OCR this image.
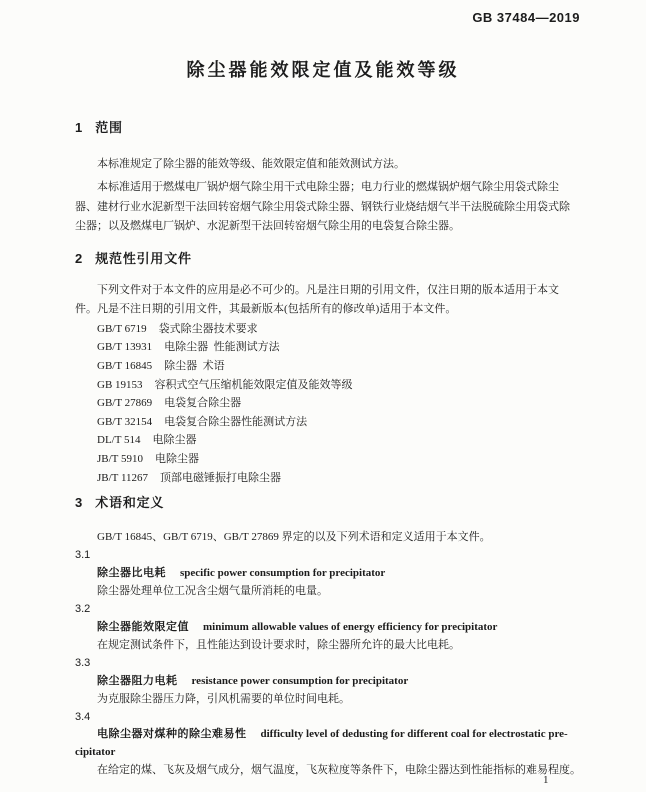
GB 37484—2019
除尘器能效限定值及能效等级
1 范围
本标准规定了除尘器的能效等级、能效限定值和能效测试方法。
本标准适用于燃煤电厂锅炉烟气除尘用干式电除尘器；电力行业的燃煤锅炉烟气除尘用袋式除尘
器、建材行业水泥新型干法回转窑烟气除尘用袋式除尘器、钢铁行业烧结烟气半干法脱硫除尘用袋式除
尘器；以及燃煤电厂锅炉、水泥新型干法回转窑烟气除尘用的电袋复合除尘器。
2 规范性引用文件
下列文件对于本文件的应用是必不可少的。凡是注日期的引用文件，仅注日期的版本适用于本文
件。凡是不注日期的引用文件，其最新版本(包括所有的修改单)适用于本文件。
GB/T 6719 袋式除尘器技术要求
GB/T 13931 电除尘器  性能测试方法
GB/T 16845 除尘器  术语
GB 19153 容积式空气压缩机能效限定值及能效等级
GB/T 27869 电袋复合除尘器
GB/T 32154 电袋复合除尘器性能测试方法
DL/T 514 电除尘器
JB/T 5910 电除尘器
JB/T 11267 顶部电磁锤振打电除尘器
3 术语和定义
GB/T 16845、GB/T 6719、GB/T 27869 界定的以及下列术语和定义适用于本文件。
3.1
除尘器比电耗 specific power consumption for precipitator
除尘器处理单位工况含尘烟气量所消耗的电量。
3.2
除尘器能效限定值 minimum allowable values of energy efficiency for precipitator
在规定测试条件下，且性能达到设计要求时，除尘器所允许的最大比电耗。
3.3
除尘器阻力电耗 resistance power consumption for precipitator
为克服除尘器压力降，引风机需要的单位时间电耗。
3.4
电除尘器对煤种的除尘难易性 difficulty level of dedusting for different coal for electrostatic pre-
cipitator
在给定的煤、飞灰及烟气成分，烟气温度，飞灰粒度等条件下，电除尘器达到性能指标的难易程度。
1
